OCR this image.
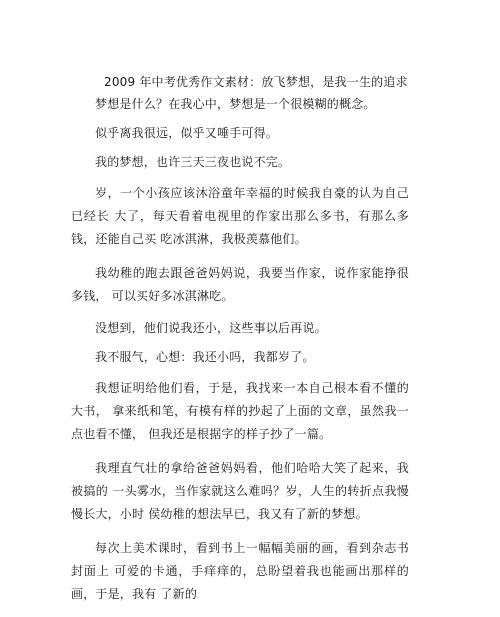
2009 年中考优秀作文素材：放飞梦想，是我一生的追求

梦想是什么？在我心中，梦想是一个很模糊的概念。

似乎离我很远，似乎又唾手可得。

我的梦想，也许三天三夜也说不完。

岁，一个小孩应该沐浴童年幸福的时候我自豪的认为自己已经长 大了，每天看着电视里的作家出那么多书，有那么多钱，还能自己买 吃冰淇淋，我极羡慕他们。

我幼稚的跑去跟爸爸妈妈说，我要当作家，说作家能挣很多钱， 可以买好多冰淇淋吃。

没想到，他们说我还小，这些事以后再说。

我不服气，心想：我还小吗，我都岁了。

我想证明给他们看，于是，我找来一本自己根本看不懂的大书， 拿来纸和笔，有模有样的抄起了上面的文章，虽然我一点也看不懂， 但我还是根据字的样子抄了一篇。

我理直气壮的拿给爸爸妈妈看，他们哈哈大笑了起来，我被搞的 一头雾水，当作家就这么难吗？岁，人生的转折点我慢慢长大，小时 侯幼稚的想法早已，我又有了新的梦想。

每次上美术课时，看到书上一幅幅美丽的画，看到杂志书封面上 可爱的卡通，手痒痒的，总盼望着我也能画出那样的画，于是，我有 了新的
